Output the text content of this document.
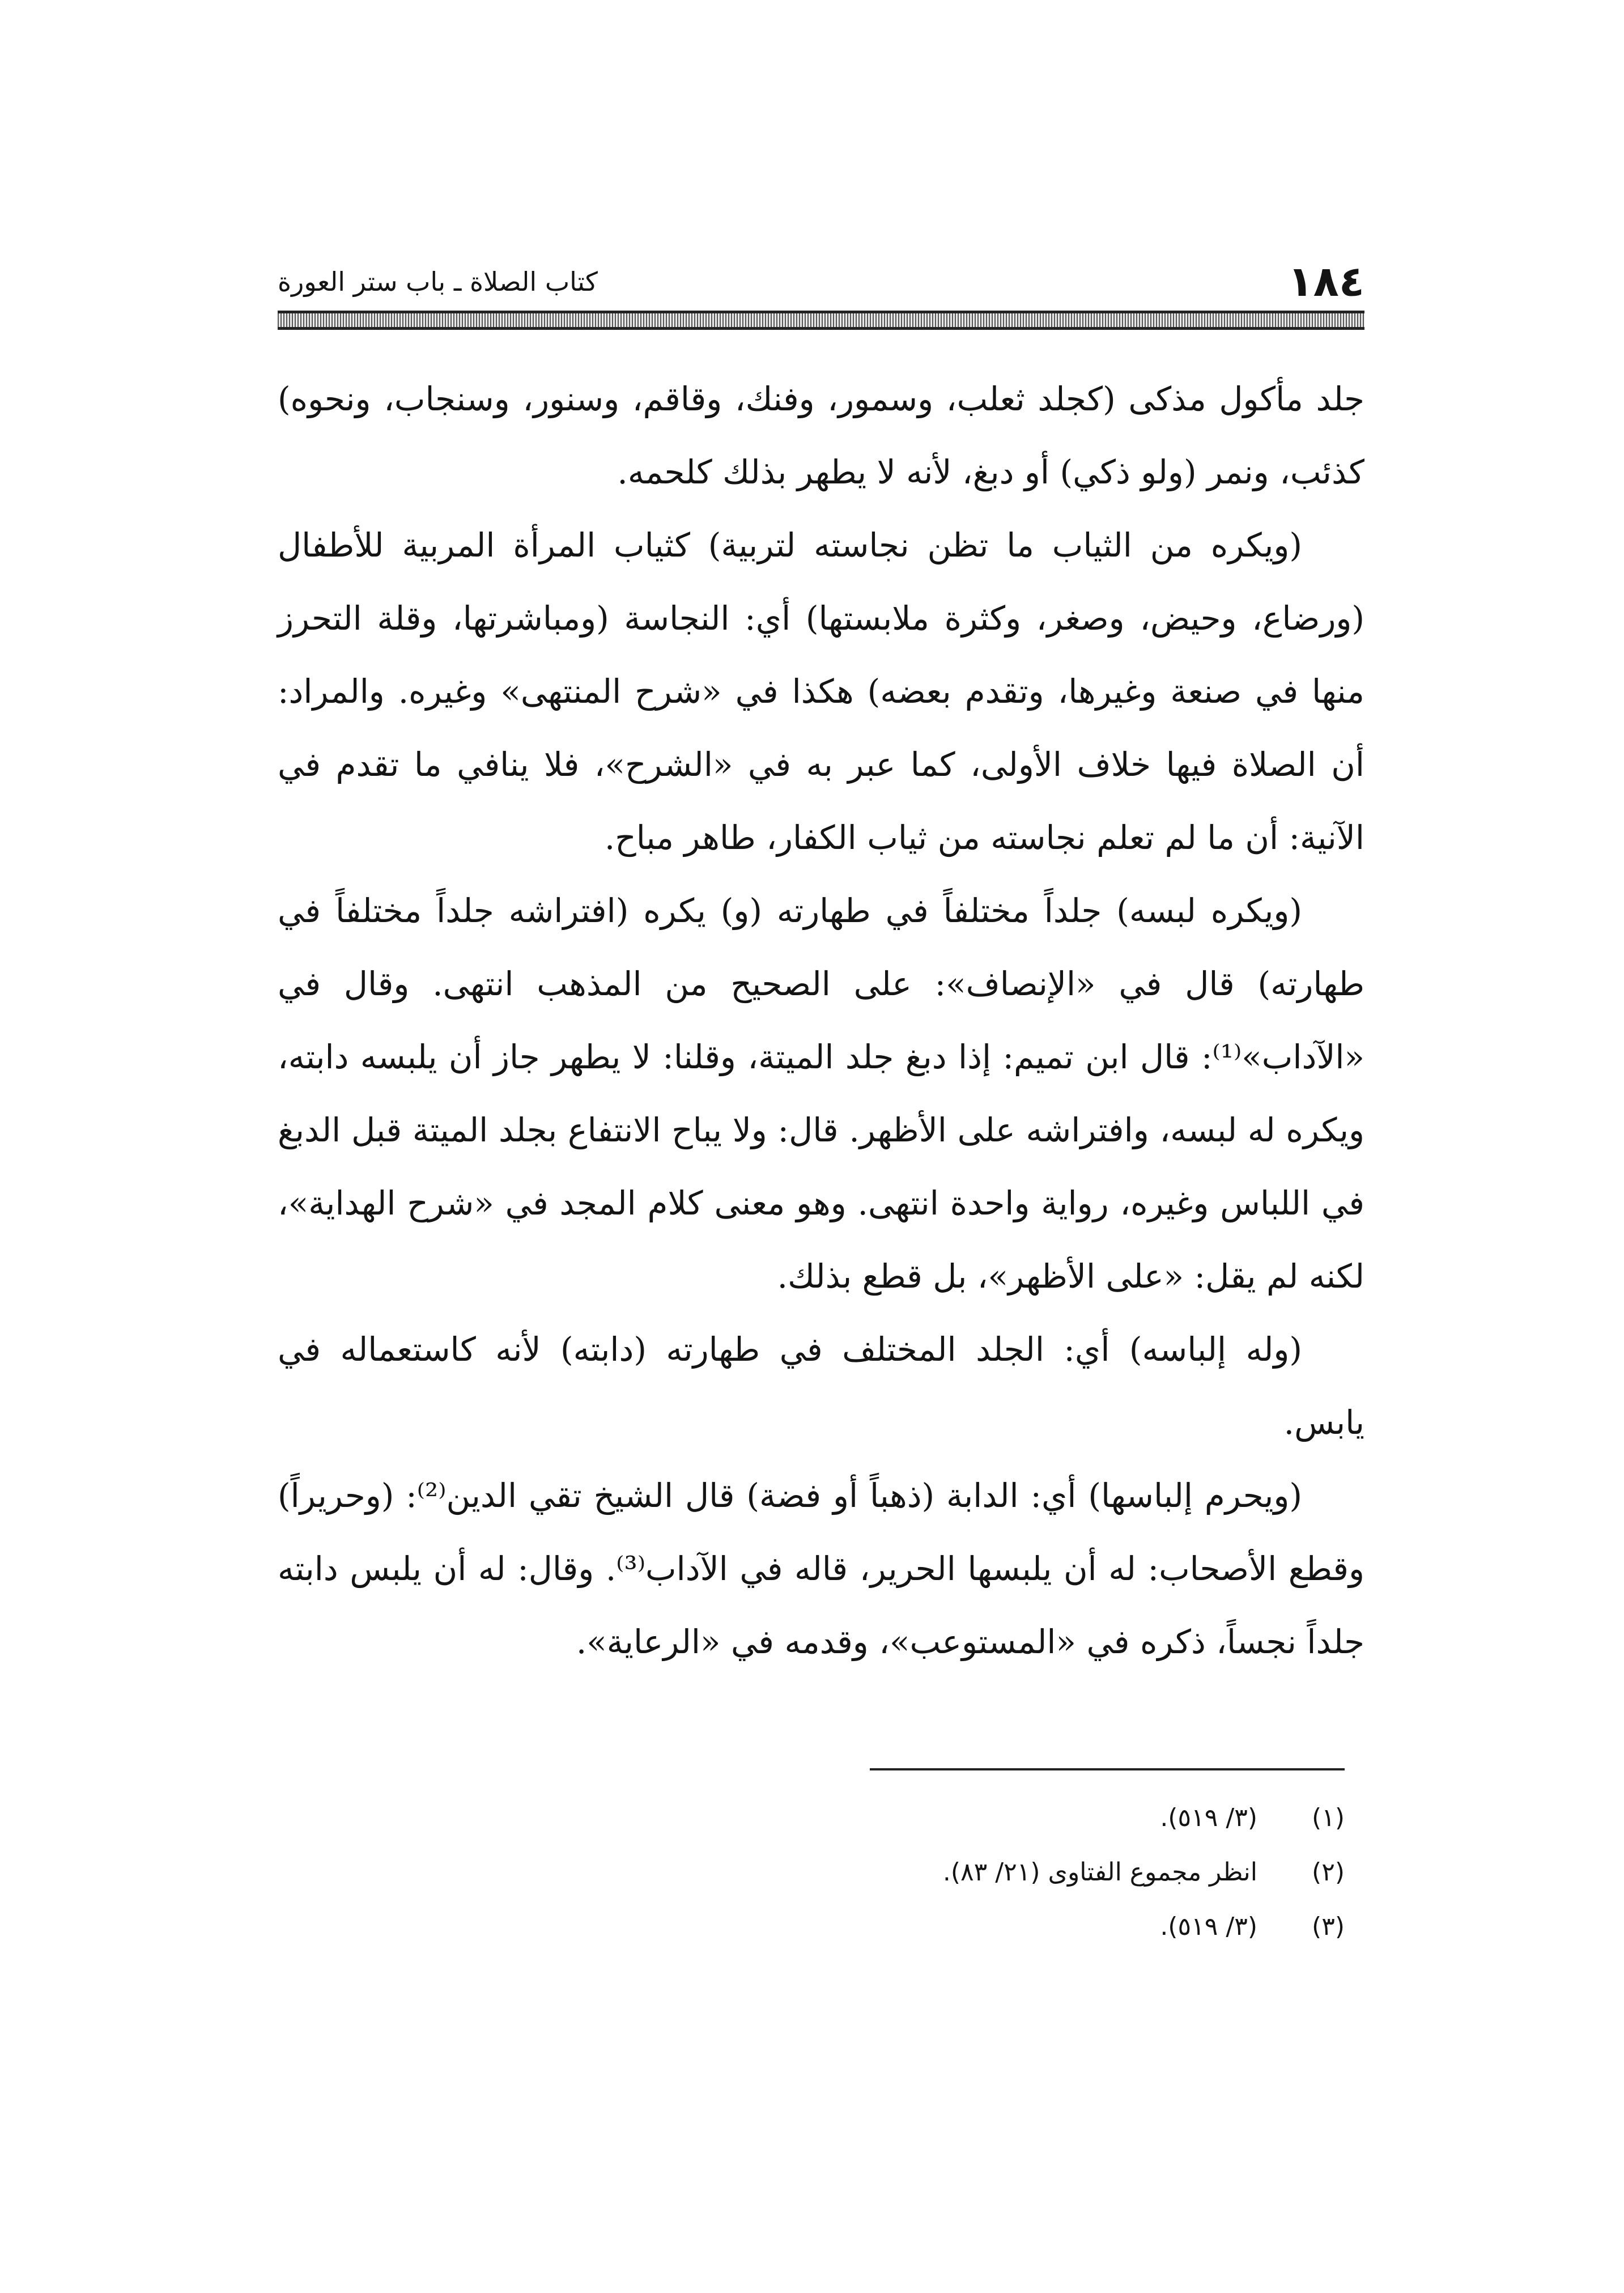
١٨٤
كتاب الصلاة ـ باب ستر العورة

جلد مأكول مذكى (كجلد ثعلب، وسمور، وفنك، وقاقم، وسنور، وسنجاب، ونحوه) كذئب، ونمر (ولو ذكي) أو دبغ، لأنه لا يطهر بذلك كلحمه.

(ويكره من الثياب ما تظن نجاسته لتربية) كثياب المرأة المربية للأطفال (ورضاع، وحيض، وصغر، وكثرة ملابستها) أي: النجاسة (ومباشرتها، وقلة التحرز منها في صنعة وغيرها، وتقدم بعضه) هكذا في «شرح المنتهى» وغيره. والمراد: أن الصلاة فيها خلاف الأولى، كما عبر به في «الشرح»، فلا ينافي ما تقدم في الآنية: أن ما لم تعلم نجاسته من ثياب الكفار، طاهر مباح.

(ويكره لبسه) جلداً مختلفاً في طهارته (و) يكره (افتراشه جلداً مختلفاً في طهارته) قال في «الإنصاف»: على الصحيح من المذهب انتهى. وقال في «الآداب»⁽¹⁾: قال ابن تميم: إذا دبغ جلد الميتة، وقلنا: لا يطهر جاز أن يلبسه دابته، ويكره له لبسه، وافتراشه على الأظهر. قال: ولا يباح الانتفاع بجلد الميتة قبل الدبغ في اللباس وغيره، رواية واحدة انتهى. وهو معنى كلام المجد في «شرح الهداية»، لكنه لم يقل: «على الأظهر»، بل قطع بذلك.

(وله إلباسه) أي: الجلد المختلف في طهارته (دابته) لأنه كاستعماله في يابس.

(ويحرم إلباسها) أي: الدابة (ذهباً أو فضة) قال الشيخ تقي الدين⁽²⁾: (وحريراً) وقطع الأصحاب: له أن يلبسها الحرير، قاله في الآداب⁽³⁾. وقال: له أن يلبس دابته جلداً نجساً، ذكره في «المستوعب»، وقدمه في «الرعاية».

(١) (٣/ ٥١٩).
(٢) انظر مجموع الفتاوى (٢١/ ٨٣).
(٣) (٣/ ٥١٩).
